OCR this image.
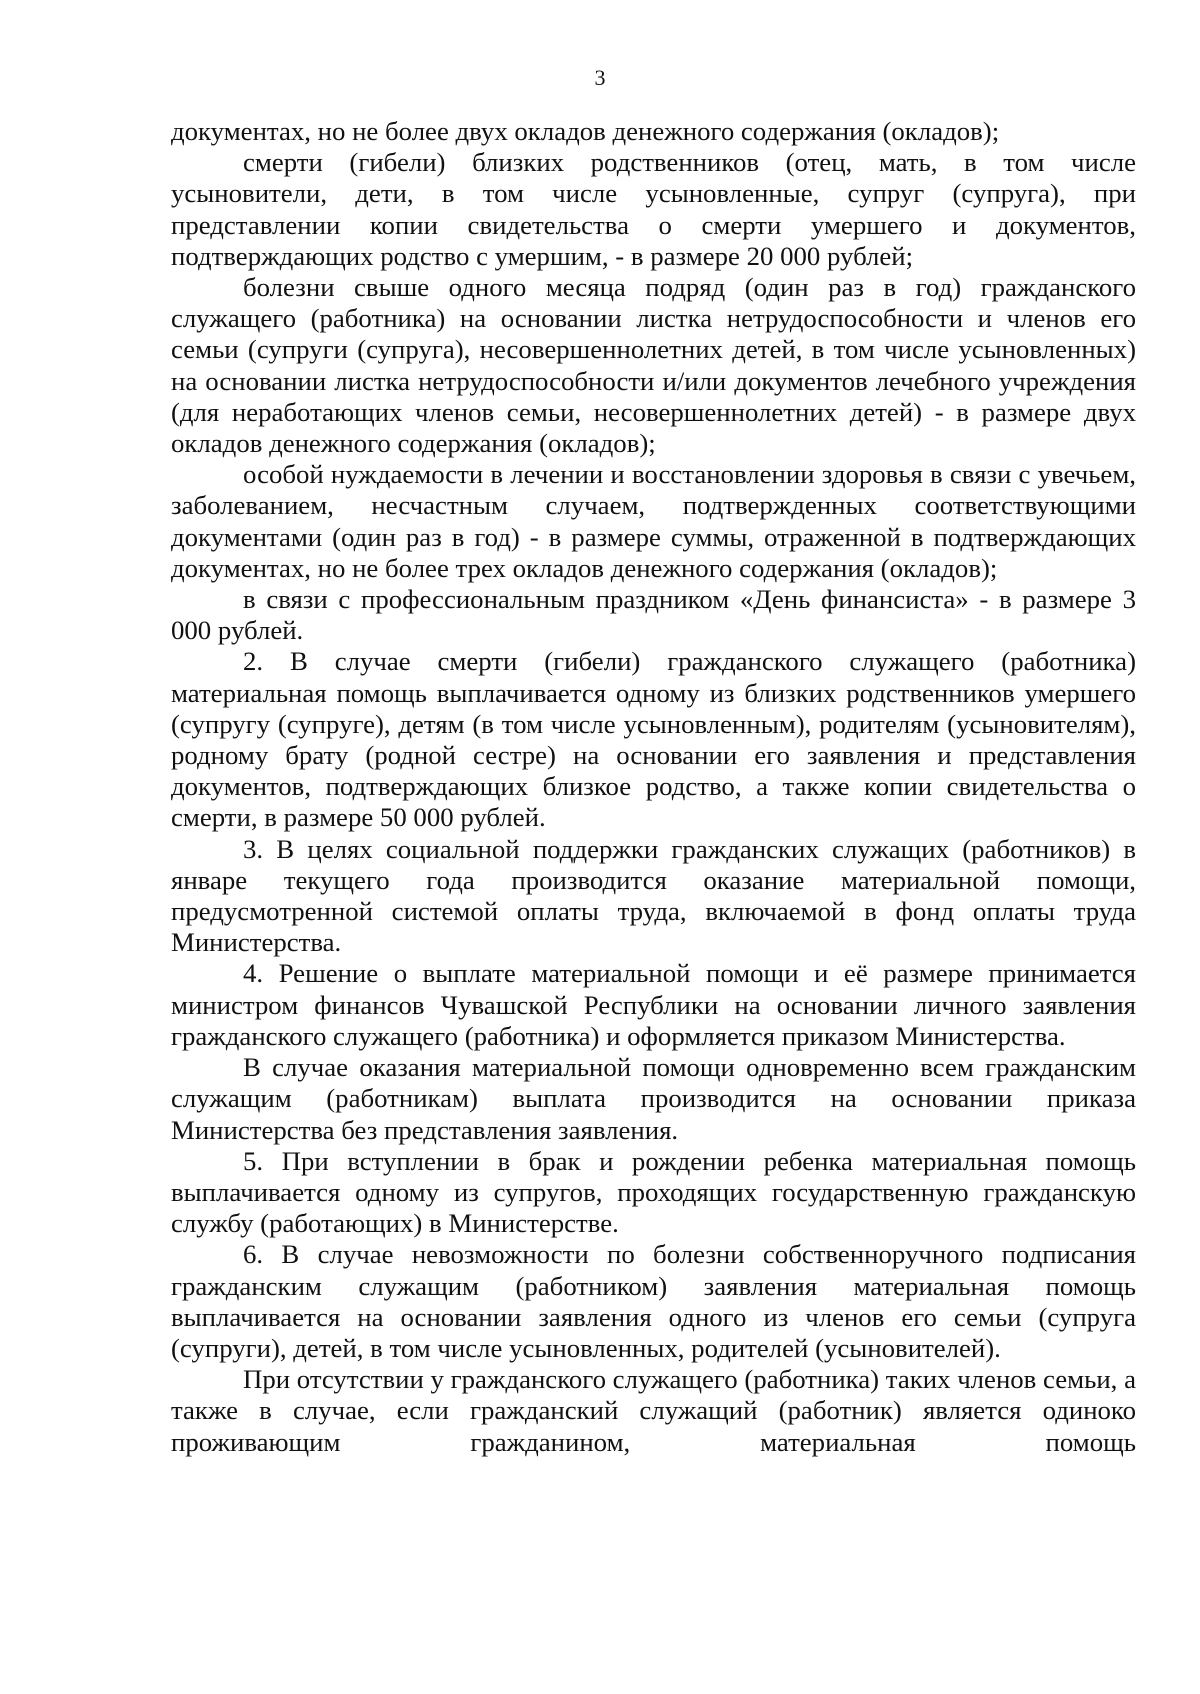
3

документах, но не более двух окладов денежного содержания (окладов);

смерти (гибели) близких родственников (отец, мать, в том числе усыновители, дети, в том числе усыновленные, супруг (супруга), при представлении копии свидетельства о смерти умершего и документов, подтверждающих родство с умершим, - в размере 20 000 рублей;

болезни свыше одного месяца подряд (один раз в год) гражданского служащего (работника) на основании листка нетрудоспособности и членов его семьи (супруги (супруга), несовершеннолетних детей, в том числе усыновленных) на основании листка нетрудоспособности и/или документов лечебного учреждения (для неработающих членов семьи, несовершеннолетних детей) - в размере двух окладов денежного содержания (окладов);

особой нуждаемости в лечении и восстановлении здоровья в связи с увечьем, заболеванием, несчастным случаем, подтвержденных соответствующими документами (один раз в год) - в размере суммы, отраженной в подтверждающих документах, но не более трех окладов денежного содержания (окладов);

в связи с профессиональным праздником «День финансиста» - в размере 3 000 рублей.

2. В случае смерти (гибели) гражданского служащего (работника) материальная помощь выплачивается одному из близких родственников умершего (супругу (супруге), детям (в том числе усыновленным), родителям (усыновителям), родному брату (родной сестре) на основании его заявления и представления документов, подтверждающих близкое родство, а также копии свидетельства о смерти, в размере 50 000 рублей.

3. В целях социальной поддержки гражданских служащих (работников) в январе текущего года производится оказание материальной помощи, предусмотренной системой оплаты труда, включаемой в фонд оплаты труда Министерства.

4. Решение о выплате материальной помощи и её размере принимается министром финансов Чувашской Республики на основании личного заявления гражданского служащего (работника) и оформляется приказом Министерства.

В случае оказания материальной помощи одновременно всем гражданским служащим (работникам) выплата производится на основании приказа Министерства без представления заявления.

5. При вступлении в брак и рождении ребенка материальная помощь выплачивается одному из супругов, проходящих государственную гражданскую службу (работающих) в Министерстве.

6. В случае невозможности по болезни собственноручного подписания гражданским служащим (работником) заявления материальная помощь выплачивается на основании заявления одного из членов его семьи (супруга (супруги), детей, в том числе усыновленных, родителей (усыновителей).

При отсутствии у гражданского служащего (работника) таких членов семьи, а также в случае, если гражданский служащий (работник) является одиноко проживающим гражданином, материальная помощь
